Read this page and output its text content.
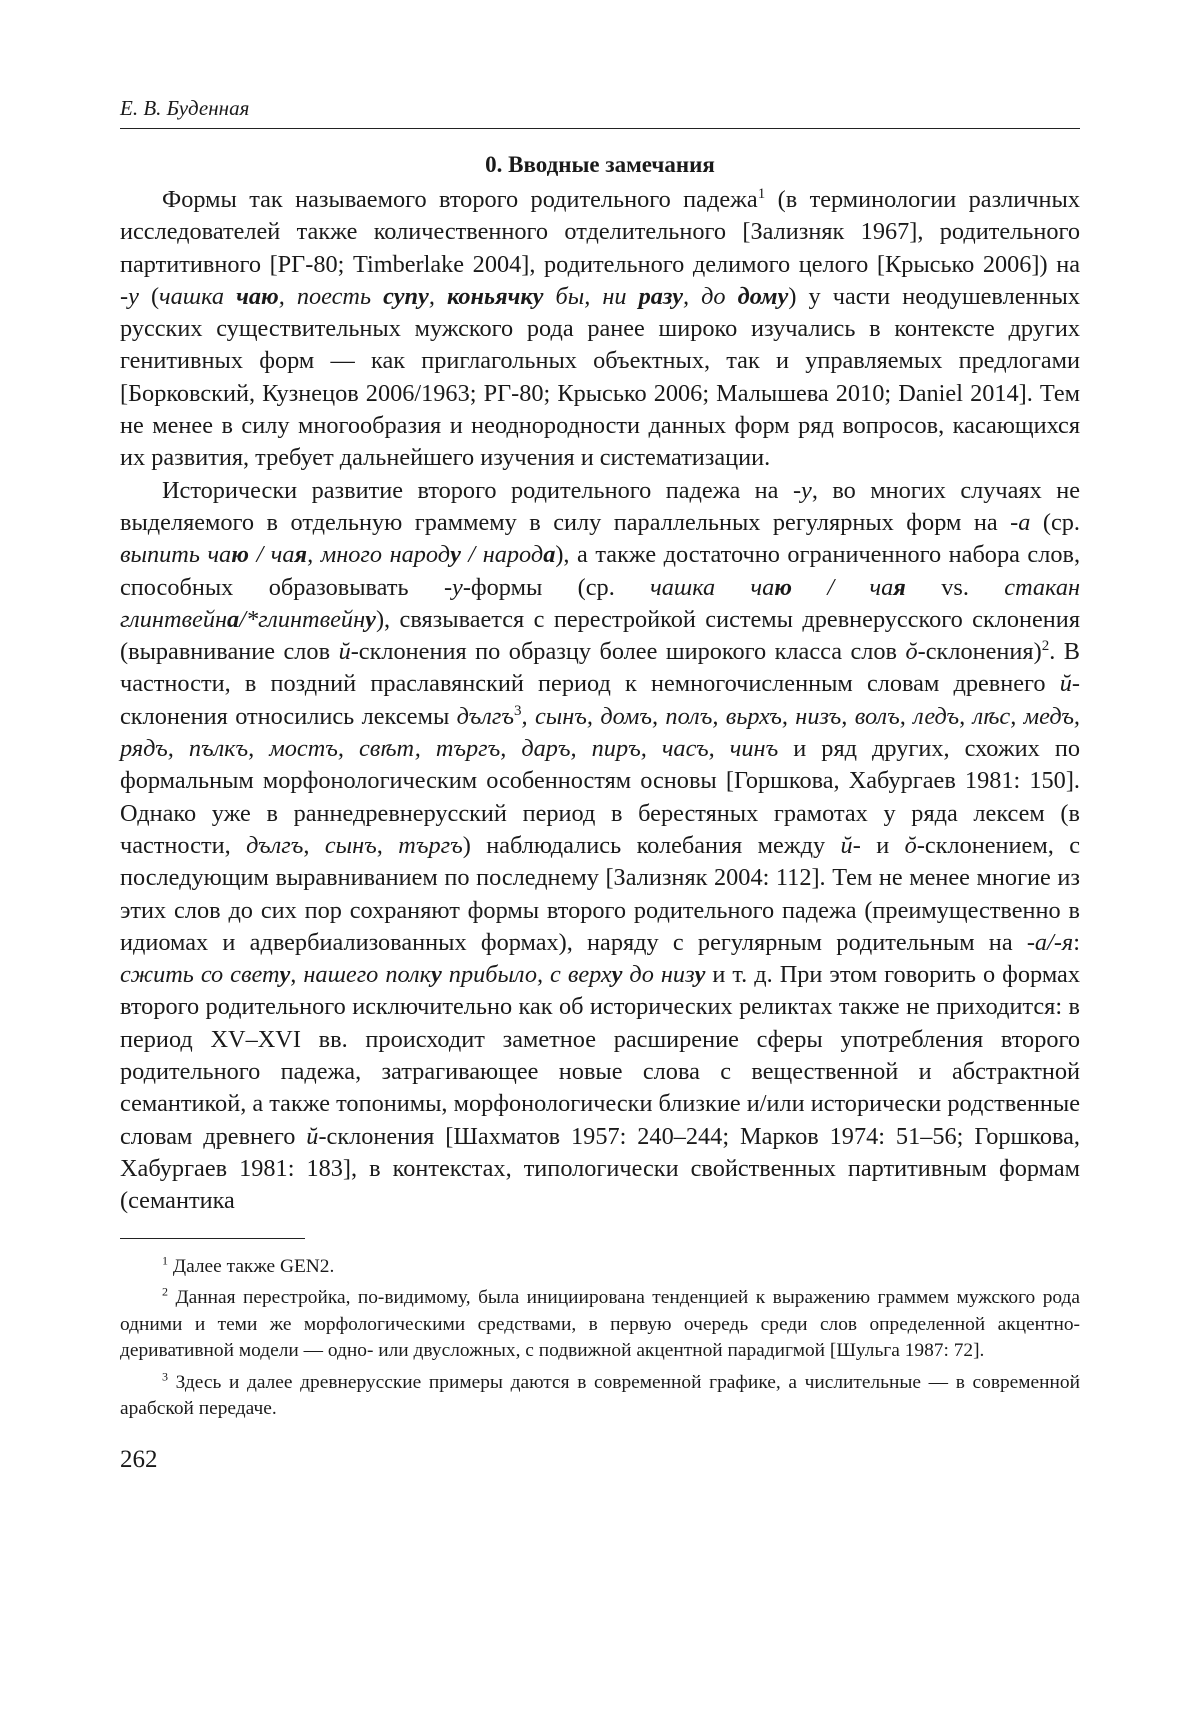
Е. В. Буденная
0. Вводные замечания

Формы так называемого второго родительного падежа$^1$ (в терминологии различных исследователей также количественного отделительного [Зализняк 1967], родительного партитивного [РГ-80; Timberlake 2004], родительного делимого целого [Крысько 2006]) на -у (чашка чаю, поесть супу, коньячку бы, ни разу, до дому) у части неодушевленных русских существительных мужского рода ранее широко изучались в контексте других генитивных форм — как приглагольных объектных, так и управляемых предлогами [Борковский, Кузнецов 2006/1963; РГ-80; Крысько 2006; Малышева 2010; Daniel 2014]. Тем не менее в силу многообразия и неоднородности данных форм ряд вопросов, касающихся их развития, требует дальнейшего изучения и систематизации.

Исторически развитие второго родительного падежа на -у, во многих случаях не выделяемого в отдельную граммему в силу параллельных регулярных форм на -а (ср. выпить чаю / чая, много народу / народа), а также достаточно ограниченного набора слов, способных образовывать -у-формы (ср. чашка чаю / чая vs. стакан глинтвейна/*глинтвейну), связывается с перестройкой системы древнерусского склонения (выравнивание слов ŭ-склонения по образцу более широкого класса слов ŏ-склонения)$^2$. В частности, в поздний праславянский период к немногочисленным словам древнего ŭ-склонения относились лексемы дългъ$^3$, сынъ, домъ, полъ, вьрхъ, низъ, волъ, ледъ, лѣс, медъ, рядъ, пълкъ, мостъ, свѣт, търгъ, даръ, пиръ, часъ, чинъ и ряд других, схожих по формальным морфонологическим особенностям основы [Горшкова, Хабургаев 1981: 150]. Однако уже в раннедревнерусский период в берестяных грамотах у ряда лексем (в частности, дългъ, сынъ, търгъ) наблюдались колебания между ŭ- и ŏ-склонением, с последующим выравниванием по последнему [Зализняк 2004: 112]. Тем не менее многие из этих слов до сих пор сохраняют формы второго родительного падежа (преимущественно в идиомах и адвербиализованных формах), наряду с регулярным родительным на -а/-я: сжить со свету, нашего полку прибыло, с верху до низу и т. д. При этом говорить о формах второго родительного исключительно как об исторических реликтах также не приходится: в период XV–XVI вв. происходит заметное расширение сферы употребления второго родительного падежа, затрагивающее новые слова с вещественной и абстрактной семантикой, а также топонимы, морфонологически близкие и/или исторически родственные словам древнего ŭ-склонения [Шахматов 1957: 240–244; Марков 1974: 51–56; Горшкова, Хабургаев 1981: 183], в контекстах, типологически свойственных партитивным формам (семантика

$^1$ Далее также GEN2.

$^2$ Данная перестройка, по-видимому, была инициирована тенденцией к выражению граммем мужского рода одними и теми же морфологическими средствами, в первую очередь среди слов определенной акцентно-деривативной модели — одно- или двусложных, с подвижной акцентной парадигмой [Шульга 1987: 72].

$^3$ Здесь и далее древнерусские примеры даются в современной графике, а числительные — в современной арабской передаче.

262
